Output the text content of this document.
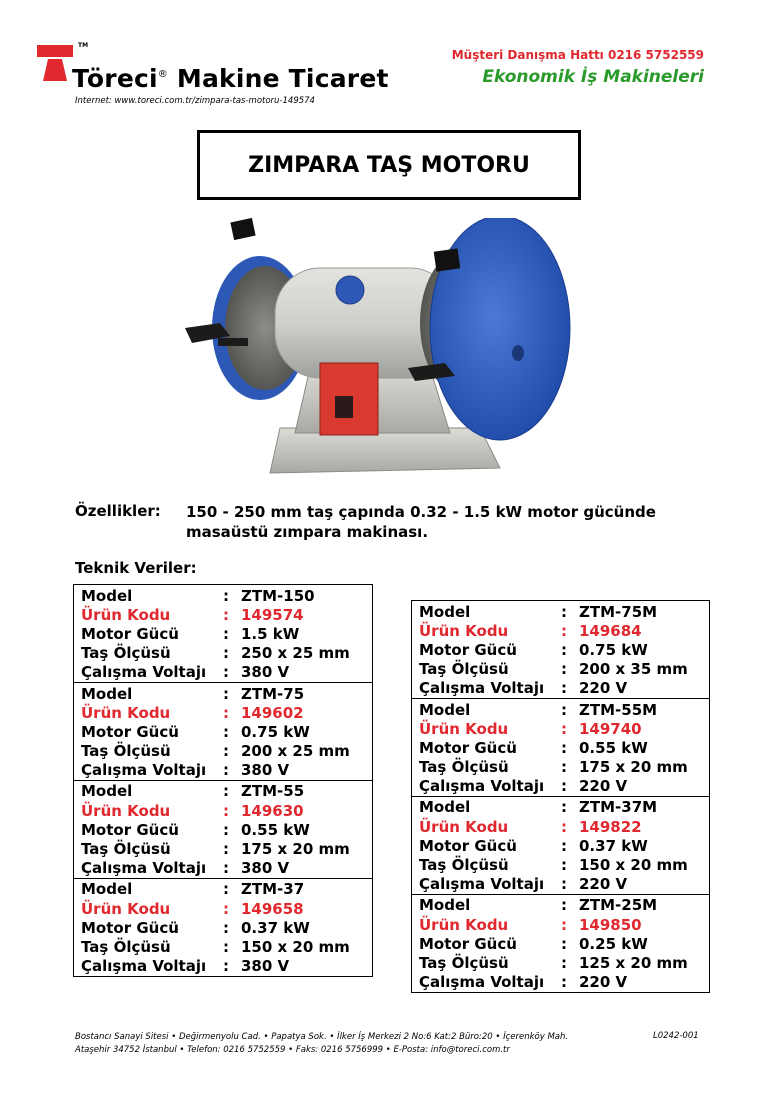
TM
Töreci® Makine Ticaret
Internet: www.toreci.com.tr/zimpara-tas-motoru-149574
Müşteri Danışma Hattı 0216 5752559
Ekonomik İş Makineleri
ZIMPARA TAŞ MOTORU
Özellikler: 150 - 250 mm taş çapında 0.32 - 1.5 kW motor gücünde masaüstü zımpara makinası.
Teknik Veriler:
Model	: ZTM-150
Ürün Kodu	: 149574
Motor Gücü	: 1.5 kW
Taş Ölçüsü	: 250 x 25 mm
Çalışma Voltajı	: 380 V
Model	: ZTM-75
Ürün Kodu	: 149602
Motor Gücü	: 0.75 kW
Taş Ölçüsü	: 200 x 25 mm
Çalışma Voltajı	: 380 V
Model	: ZTM-55
Ürün Kodu	: 149630
Motor Gücü	: 0.55 kW
Taş Ölçüsü	: 175 x 20 mm
Çalışma Voltajı	: 380 V
Model	: ZTM-37
Ürün Kodu	: 149658
Motor Gücü	: 0.37 kW
Taş Ölçüsü	: 150 x 20 mm
Çalışma Voltajı	: 380 V
Model	: ZTM-75M
Ürün Kodu	: 149684
Motor Gücü	: 0.75 kW
Taş Ölçüsü	: 200 x 35 mm
Çalışma Voltajı	: 220 V
Model	: ZTM-55M
Ürün Kodu	: 149740
Motor Gücü	: 0.55 kW
Taş Ölçüsü	: 175 x 20 mm
Çalışma Voltajı	: 220 V
Model	: ZTM-37M
Ürün Kodu	: 149822
Motor Gücü	: 0.37 kW
Taş Ölçüsü	: 150 x 20 mm
Çalışma Voltajı	: 220 V
Model	: ZTM-25M
Ürün Kodu	: 149850
Motor Gücü	: 0.25 kW
Taş Ölçüsü	: 125 x 20 mm
Çalışma Voltajı	: 220 V
Bostancı Sanayi Sitesi • Değirmenyolu Cad. • Papatya Sok. • İlker İş Merkezi 2 No:6 Kat:2 Büro:20 • İçerenköy Mah.
Ataşehir 34752 İstanbul • Telefon: 0216 5752559 • Faks: 0216 5756999 • E-Posta: info@toreci.com.tr
L0242-001
